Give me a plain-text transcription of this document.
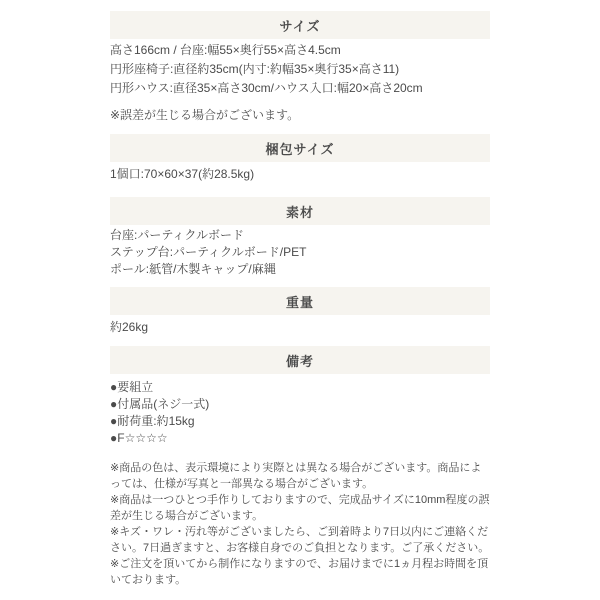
サイズ

高さ166cm / 台座:幅55×奥行55×高さ4.5cm

円形座椅子:直径約35cm(内寸:約幅35×奥行35×高さ11)

円形ハウス:直径35×高さ30cm/ハウス入口:幅20×高さ20cm

※誤差が生じる場合がございます。

梱包サイズ

1個口:70×60×37(約28.5kg)

素材

台座:パーティクルボード

ステップ台:パーティクルボード/PET

ポール:紙管/木製キャップ/麻縄

重量

約26kg

備考

●要組立

●付属品(ネジ一式)

●耐荷重:約15kg

●F☆☆☆☆

※商品の色は、表示環境により実際とは異なる場合がございます。商品によっては、仕様が写真と一部異なる場合がございます。

※商品は一つひとつ手作りしておりますので、完成品サイズに10mm程度の誤差が生じる場合がございます。

※キズ・ワレ・汚れ等がございましたら、ご到着時より7日以内にご連絡ください。7日過ぎますと、お客様自身でのご負担となります。ご了承ください。

※ご注文を頂いてから制作になりますので、お届けまでに1ヵ月程お時間を頂いております。
